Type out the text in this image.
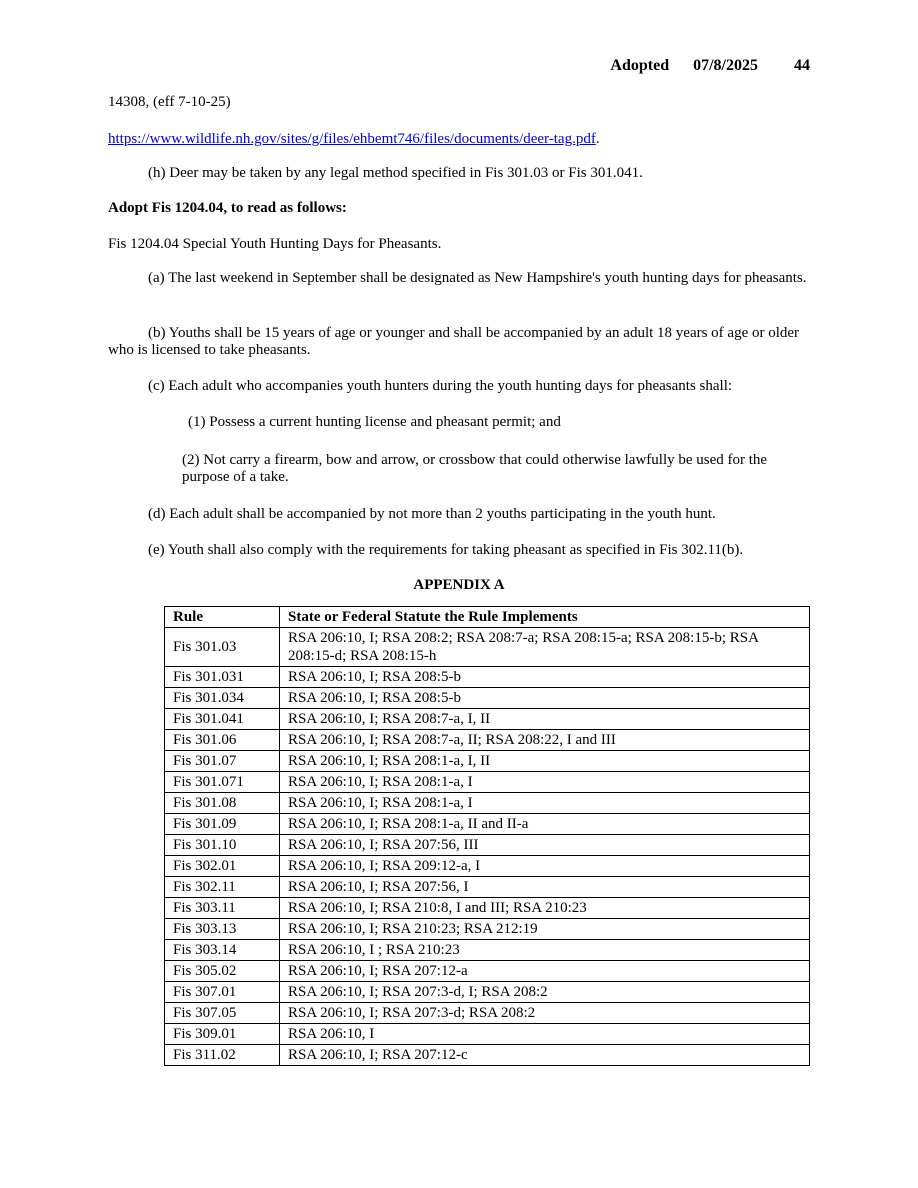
Adopted 07/8/2025 44
14308, (eff 7-10-25)
https://www.wildlife.nh.gov/sites/g/files/ehbemt746/files/documents/deer-tag.pdf.
(h) Deer may be taken by any legal method specified in Fis 301.03 or Fis 301.041.
Adopt Fis 1204.04, to read as follows:
Fis 1204.04 Special Youth Hunting Days for Pheasants.
(a) The last weekend in September shall be designated as New Hampshire's youth hunting days for pheasants.
(b) Youths shall be 15 years of age or younger and shall be accompanied by an adult 18 years of age or older who is licensed to take pheasants.
(c) Each adult who accompanies youth hunters during the youth hunting days for pheasants shall:
(1) Possess a current hunting license and pheasant permit; and
(2) Not carry a firearm, bow and arrow, or crossbow that could otherwise lawfully be used for the purpose of a take.
(d) Each adult shall be accompanied by not more than 2 youths participating in the youth hunt.
(e) Youth shall also comply with the requirements for taking pheasant as specified in Fis 302.11(b).
APPENDIX A
Rule	State or Federal Statute the Rule Implements
Fis 301.03	RSA 206:10, I; RSA 208:2; RSA 208:7-a; RSA 208:15-a; RSA 208:15-b; RSA 208:15-d; RSA 208:15-h
Fis 301.031	RSA 206:10, I; RSA 208:5-b
Fis 301.034	RSA 206:10, I; RSA 208:5-b
Fis 301.041	RSA 206:10, I; RSA 208:7-a, I, II
Fis 301.06	RSA 206:10, I; RSA 208:7-a, II; RSA 208:22, I and III
Fis 301.07	RSA 206:10, I; RSA 208:1-a, I, II
Fis 301.071	RSA 206:10, I; RSA 208:1-a, I
Fis 301.08	RSA 206:10, I; RSA 208:1-a, I
Fis 301.09	RSA 206:10, I; RSA 208:1-a, II and II-a
Fis 301.10	RSA 206:10, I; RSA 207:56, III
Fis 302.01	RSA 206:10, I; RSA 209:12-a, I
Fis 302.11	RSA 206:10, I; RSA 207:56, I
Fis 303.11	RSA 206:10, I; RSA 210:8, I and III; RSA 210:23
Fis 303.13	RSA 206:10, I; RSA 210:23; RSA 212:19
Fis 303.14	RSA 206:10, I ; RSA 210:23
Fis 305.02	RSA 206:10, I; RSA 207:12-a
Fis 307.01	RSA 206:10, I; RSA 207:3-d, I; RSA 208:2
Fis 307.05	RSA 206:10, I; RSA 207:3-d; RSA 208:2
Fis 309.01	RSA 206:10, I
Fis 311.02	RSA 206:10, I; RSA 207:12-c
